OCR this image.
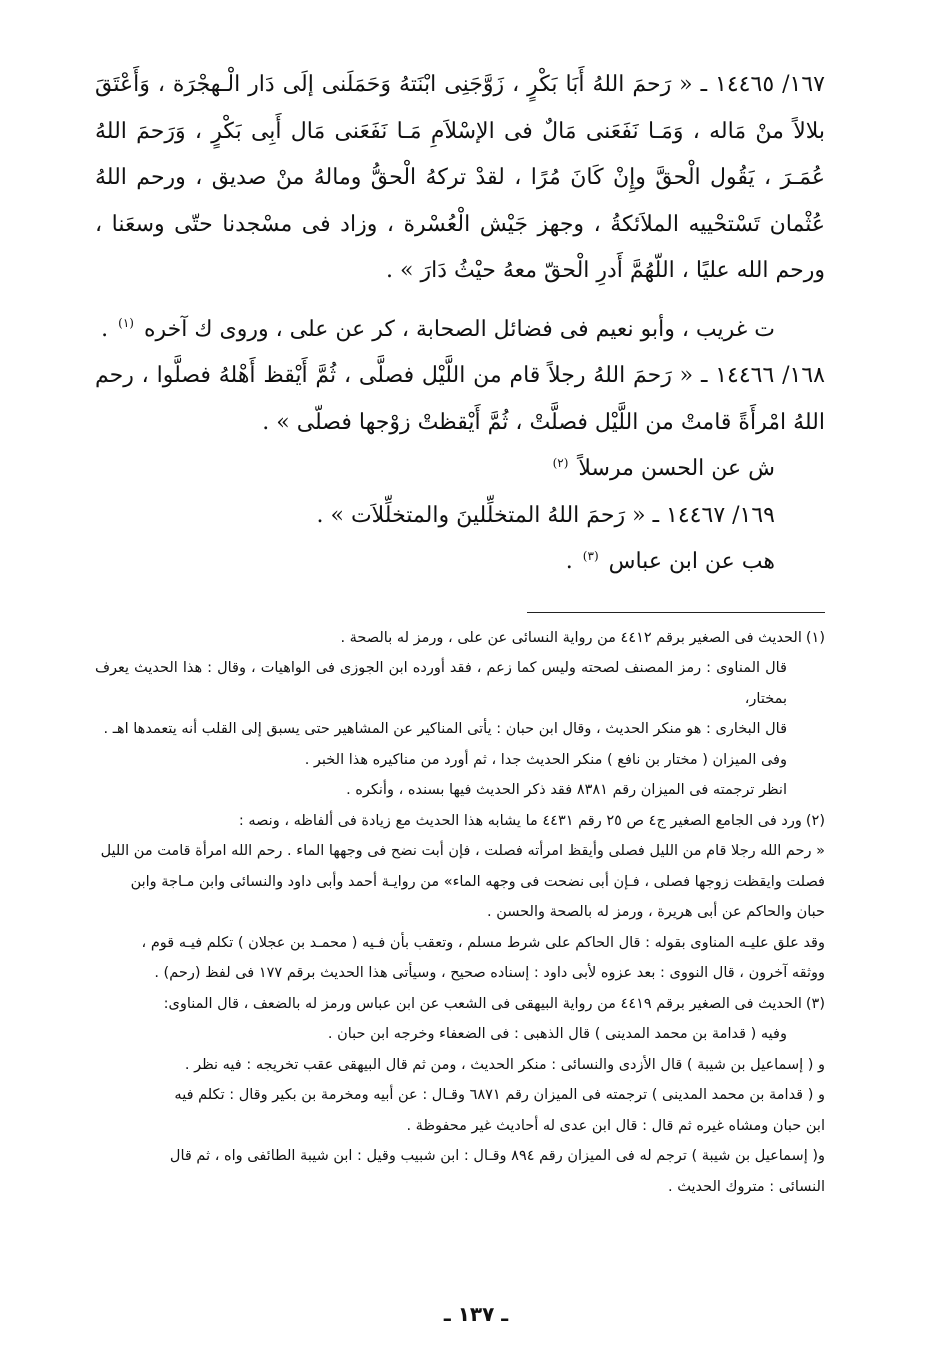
١٦٧/ ١٤٤٦٥ ـ « رَحمَ اللهُ أَبَا بَكْرٍ ، زَوَّجَنِى ابْنَتهُ وَحَمَلَنى إلَى دَار الْـهجْرَة ، وَأَعْتَقَ بلالاً منْ مَاله ، وَمَـا نَفَعَنى مَالٌ فى الإسْلاَمِ مَـا نَفَعَنى مَال أَبِى بَكْرٍ ، وَرَحمَ اللهُ عُمَـرَ ، يَقُول الْحقَّ وإِنْ كَانَ مُرًا ، لقدْ تركهُ الْحقُّ ومالهُ منْ صديق ، ورحم اللهُ عُثْمان تَسْتحْييه الملاَئكةُ ، وجهز جَيْش الْعُسْرة ، وزاد فى مسْجدنا حتّى وسعَنا ، ورحم الله عليًا ، اللّهُمَّ أَدرِ الْحقّ معهُ حيْثُ دَارَ » .

ت غريب ، وأبو نعيم فى فضائل الصحابة ، كر عن على ، وروى ك آخره $^{(١)}$ .

١٦٨/ ١٤٤٦٦ ـ « رَحمَ اللهُ رجلاً قام من اللَّيْل فصلَّى ، ثُمَّ أَيْقظ أَهْلهُ فصلَّوا ، رحم اللهُ امْرأَةً قامتْ من اللَّيْل فصلَّتْ ، ثُمَّ أَيْقظتْ زوْجها فصلّى » .

ش عن الحسن مرسلاً $^{(٢)}$

١٦٩/ ١٤٤٦٧ ـ « رَحمَ اللهُ المتخلِّلينَ والمتخلِّلاَت » .

هب عن ابن عباس $^{(٣)}$ .

(١)الحديث فى الصغير برقم ٤٤١٢ من رواية النسائى عن على ، ورمز له بالصحة .

قال المناوى : رمز المصنف لصحته وليس كما زعم ، فقد أورده ابن الجوزى فى الواهيات ، وقال : هذا الحديث يعرف بمختار،

قال البخارى : هو منكر الحديث ، وقال ابن حبان : يأتى المناكير عن المشاهير حتى يسبق إلى القلب أنه يتعمدها اهـ .

وفى الميزان ( مختار بن نافع ) منكر الحديث جدا ، ثم أورد من مناكيره هذا الخبر .

انظر ترجمته فى الميزان رقم ٨٣٨١ فقد ذكر الحديث فيها بسنده ، وأنكره .

(٢)ورد فى الجامع الصغير ج٤ ص ٢٥ رقم ٤٤٣١ ما يشابه هذا الحديث مع زيادة فى ألفاظه ، ونصه :

« رحم الله رجلا قام من الليل فصلى وأيقظ امرأته فصلت ، فإن أبت نضح فى وجهها الماء . رحم الله امرأة قامت من الليل

فصلت وايقظت زوجها فصلى ، فـإن أبى نضحت فى وجهه الماء» من روايـة أحمد وأبى داود والنسائى وابن مـاجة وابن

حبان والحاكم عن أبى هريرة ، ورمز له بالصحة والحسن .

وقد علق عليـه المناوى بقوله : قال الحاكم على شرط مسلم ، وتعقب بأن فـيه ( محمـد بن عجلان ) تكلم فيـه قوم ،

ووثقه آخرون ، قال النووى : بعد عزوه لأبى داود : إسناده صحيح ، وسيأتى هذا الحديث برقم ١٧٧ فى لفظ (رحم) .

(٣)الحديث فى الصغير برقم ٤٤١٩ من رواية البيهقى فى الشعب عن ابن عباس ورمز له بالضعف ، قال المناوى:

وفيه ( قدامة بن محمد المدينى ) قال الذهبى : فى الضعفاء وخرجه ابن حبان .

و ( إسماعيل بن شيبة ) قال الأزدى والنسائى : منكر الحديث ، ومن ثم قال البيهقى عقب تخريجه : فيه نظر .

و ( قدامة بن محمد المدينى ) ترجمته فى الميزان رقم ٦٨٧١ وقـال : عن أبيه ومخرمة بن بكير وقال : تكلم فيه

ابن حبان ومشاه غيره ثم قال : قال ابن عدى له أحاديث غير محفوظة .

و( إسماعيل بن شيبة ) ترجم له فى الميزان رقم ٨٩٤ وقـال : ابن شبيب وقيل : ابن شيبة الطائفى واه ، ثم قال

النسائى : متروك الحديث .

ـ ١٣٧ ـ
